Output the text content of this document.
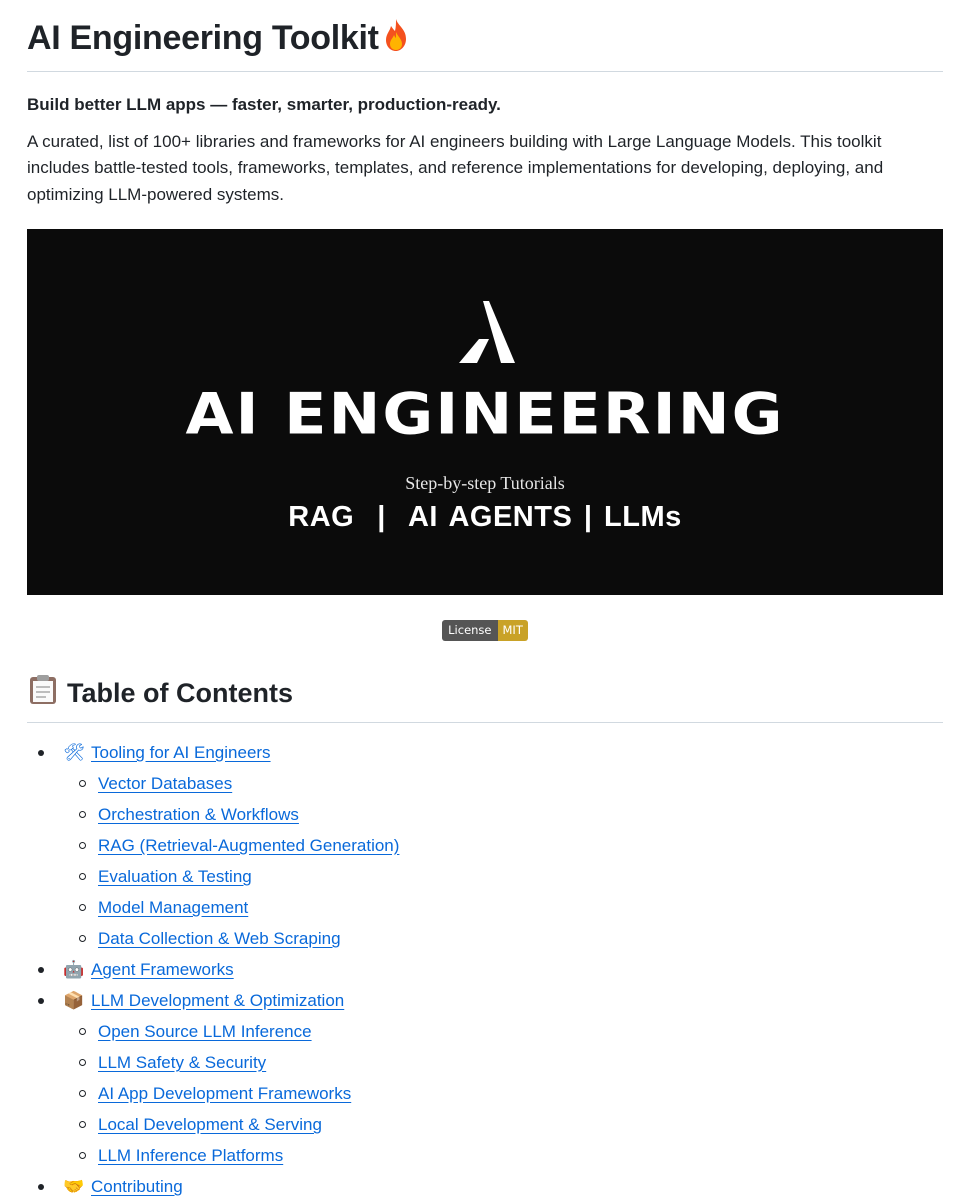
AI Engineering Toolkit

Build better LLM apps — faster, smarter, production-ready.

A curated, list of 100+ libraries and frameworks for AI engineers building with Large Language Models. This toolkit includes battle-tested tools, frameworks, templates, and reference implementations for developing, deploying, and optimizing LLM-powered systems.

AI ENGINEERING
Step-by-step Tutorials
RAG  |  AI AGENTS | LLMs
License MIT
Table of Contents
🛠 Tooling for AI Engineers
Vector Databases
Orchestration & Workflows
RAG (Retrieval-Augmented Generation)
Evaluation & Testing
Model Management
Data Collection & Web Scraping
🤖 Agent Frameworks
📦 LLM Development & Optimization
Open Source LLM Inference
LLM Safety & Security
AI App Development Frameworks
Local Development & Serving
LLM Inference Platforms
🤝 Contributing
